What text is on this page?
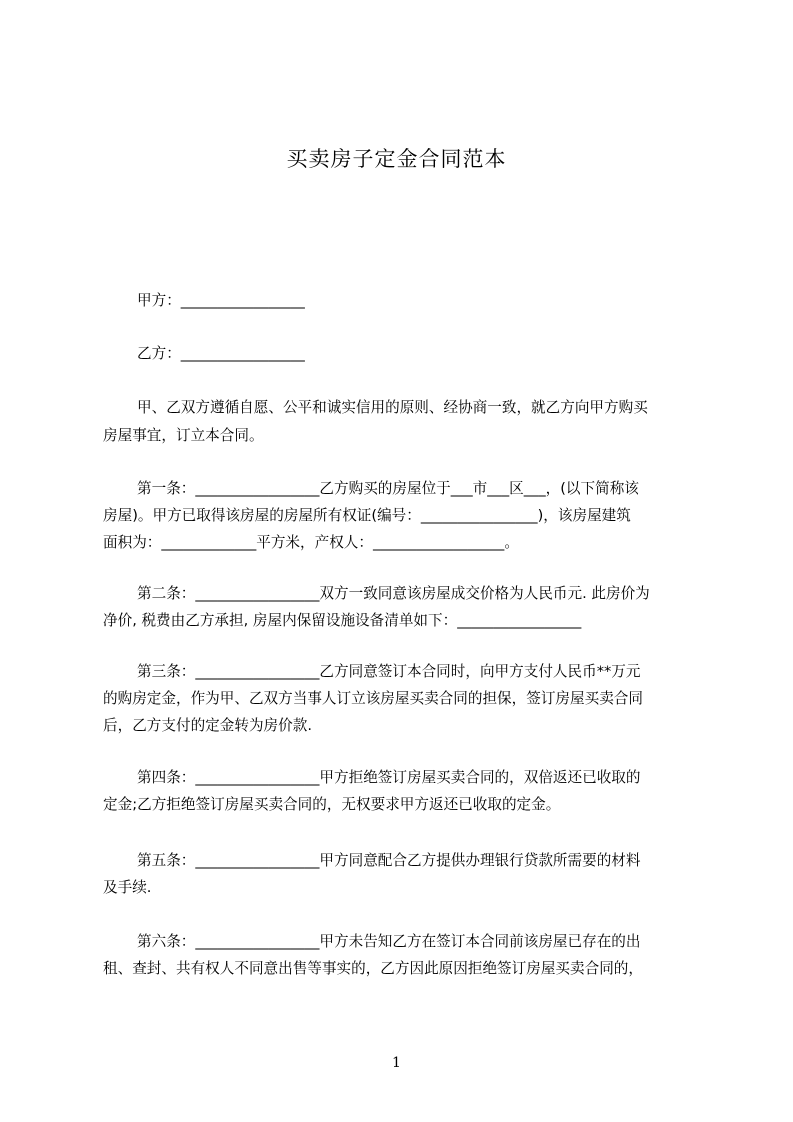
买卖房子定金合同范本
甲方：_________________
乙方：_________________
甲、乙双方遵循自愿、公平和诚实信用的原则、经协商一致，就乙方向甲方购买
房屋事宜，订立本合同。
第一条：_________________乙方购买的房屋位于___市___区___，(以下简称该
房屋)。甲方已取得该房屋的房屋所有权证(编号：________________)，该房屋建筑
面积为：_____________平方米，产权人：__________________。
第二条：_________________双方一致同意该房屋成交价格为人民币元. 此房价为
净价, 税费由乙方承担, 房屋内保留设施设备清单如下：_________________
第三条：_________________乙方同意签订本合同时，向甲方支付人民币**万元
的购房定金，作为甲、乙双方当事人订立该房屋买卖合同的担保，签订房屋买卖合同
后，乙方支付的定金转为房价款.
第四条：_________________甲方拒绝签订房屋买卖合同的，双倍返还已收取的
定金;乙方拒绝签订房屋买卖合同的，无权要求甲方返还已收取的定金。
第五条：_________________甲方同意配合乙方提供办理银行贷款所需要的材料
及手续.
第六条：_________________甲方未告知乙方在签订本合同前该房屋已存在的出
租、查封、共有权人不同意出售等事实的，乙方因此原因拒绝签订房屋买卖合同的，
1
